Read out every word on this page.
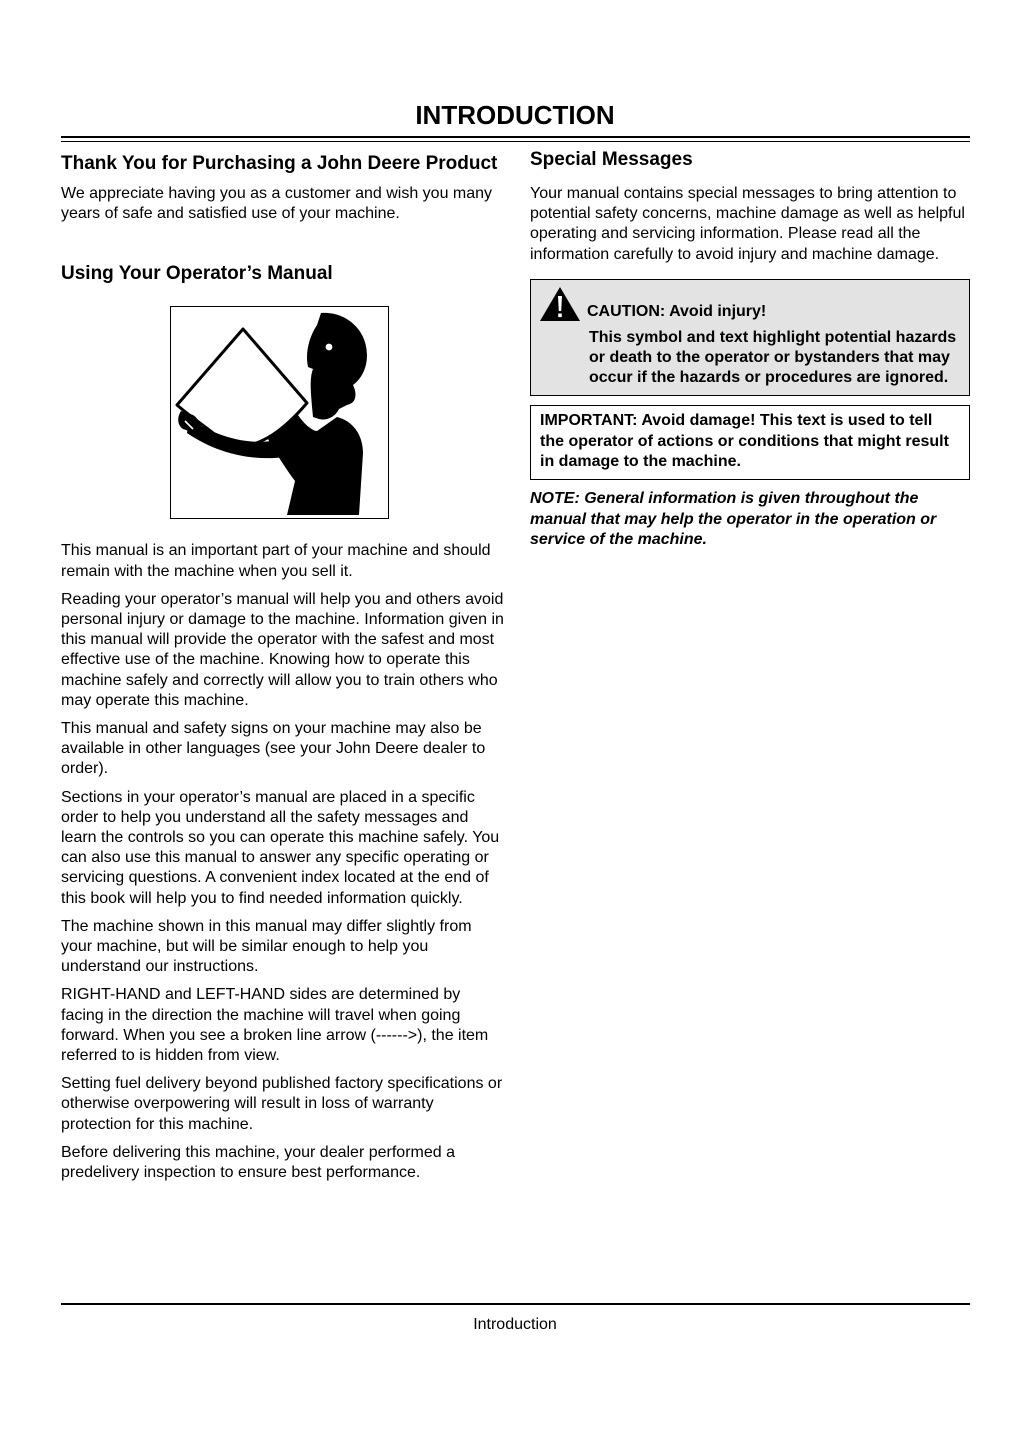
INTRODUCTION
Thank You for Purchasing a John Deere Product

We appreciate having you as a customer and wish you many years of safe and satisfied use of your machine.

Using Your Operator’s Manual

This manual is an important part of your machine and should remain with the machine when you sell it.

Reading your operator’s manual will help you and others avoid personal injury or damage to the machine. Information given in this manual will provide the operator with the safest and most effective use of the machine. Knowing how to operate this machine safely and correctly will allow you to train others who may operate this machine.

This manual and safety signs on your machine may also be available in other languages (see your John Deere dealer to order).

Sections in your operator’s manual are placed in a specific order to help you understand all the safety messages and learn the controls so you can operate this machine safely. You can also use this manual to answer any specific operating or servicing questions. A convenient index located at the end of this book will help you to find needed information quickly.

The machine shown in this manual may differ slightly from your machine, but will be similar enough to help you understand our instructions.

RIGHT-HAND and LEFT-HAND sides are determined by facing in the direction the machine will travel when going forward. When you see a broken line arrow (------>), the item referred to is hidden from view.

Setting fuel delivery beyond published factory specifications or otherwise overpowering will result in loss of warranty protection for this machine.

Before delivering this machine, your dealer performed a predelivery inspection to ensure best performance.

Special Messages

Your manual contains special messages to bring attention to potential safety concerns, machine damage as well as helpful operating and servicing information. Please read all the information carefully to avoid injury and machine damage.

CAUTION: Avoid injury!
This symbol and text highlight potential hazards or death to the operator or bystanders that may occur if the hazards or procedures are ignored.
IMPORTANT: Avoid damage! This text is used to tell the operator of actions or conditions that might result in damage to the machine.
NOTE: General information is given throughout the manual that may help the operator in the operation or service of the machine.
Introduction
